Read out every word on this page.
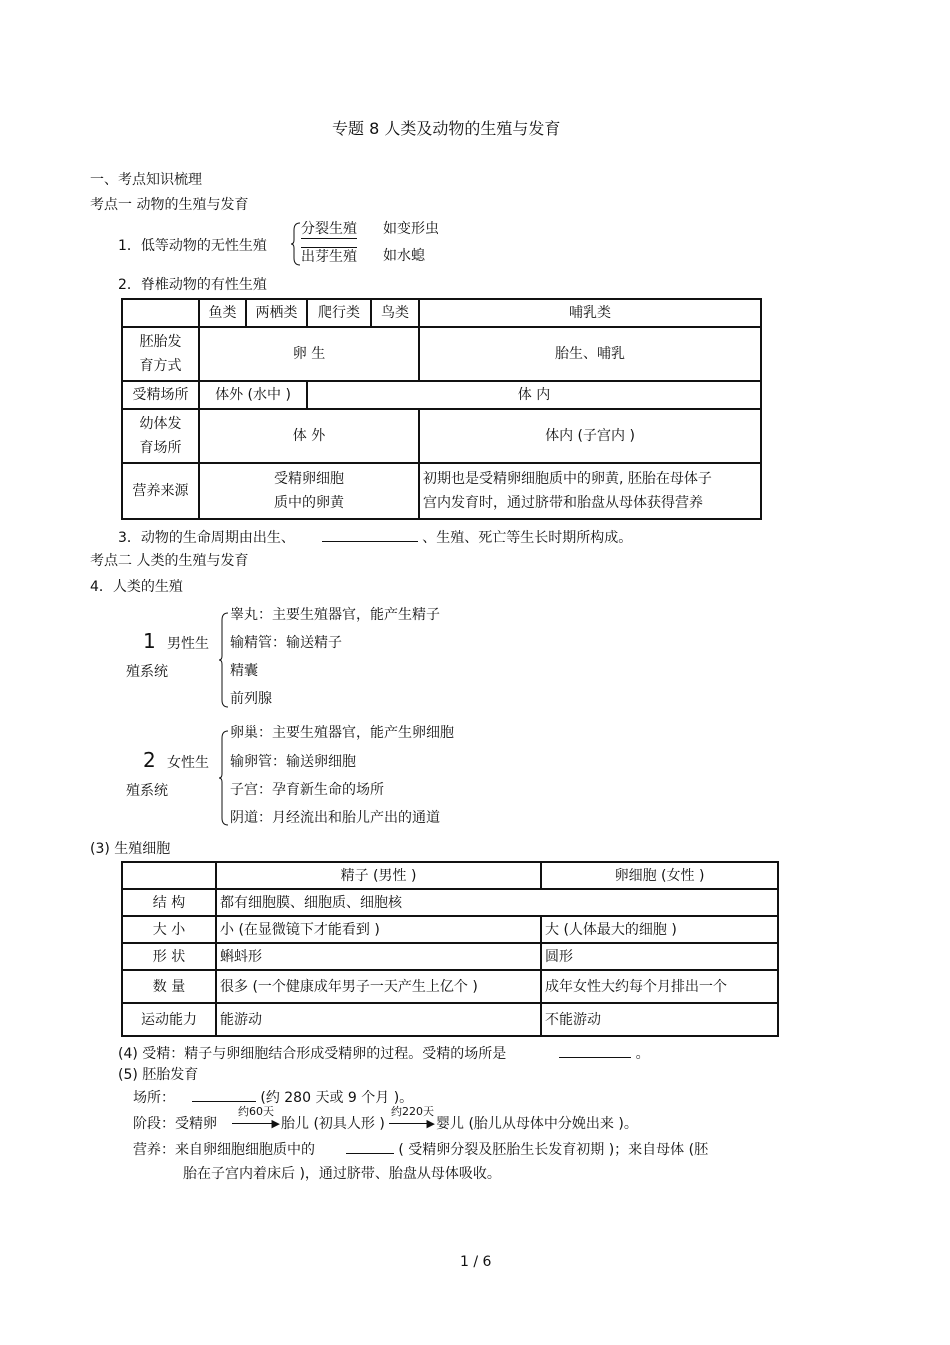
专题 8 人类及动物的生殖与发育
一、考点知识梳理
考点一 动物的生殖与发育
1．低等动物的无性生殖
分裂生殖 如变形虫
出芽生殖 如水螅
2．脊椎动物的有性生殖
	鱼类	两栖类	爬行类	鸟类	哺乳类
胚胎发
育方式	卵 生				胎生、哺乳
受精场所	体外 (水中 )		体 内		
幼体发
育场所	体 外				体内 (子宫内 )
营养来源	受精卵细胞
质中的卵黄				初期也是受精卵细胞质中的卵黄, 胚胎在母体子
宫内发育时，通过脐带和胎盘从母体获得营养
3．动物的生命周期由出生、	、生殖、死亡等生长时期所构成。
考点二 人类的生殖与发育
4．人类的生殖
1 男性生
殖系统
睾丸：主要生殖器官，能产生精子
输精管：输送精子
精囊
前列腺
2 女性生
殖系统
卵巢：主要生殖器官，能产生卵细胞
输卵管：输送卵细胞
子宫：孕育新生命的场所
阴道：月经流出和胎儿产出的通道
(3) 生殖细胞
	精子 (男性 )	卵细胞 (女性 )
结 构	都有细胞膜、细胞质、细胞核	
大 小	小 (在显微镜下才能看到 )	大 (人体最大的细胞 )
形 状	蝌蚪形	圆形
数 量	很多 (一个健康成年男子一天产生上亿个 )	成年女性大约每个月排出一个
运动能力	能游动	不能游动
(4) 受精：精子与卵细胞结合形成受精卵的过程。受精的场所是	。
(5) 胚胎发育
场所：	(约 280 天或 9 个月 )。
阶段：受精卵
约60天
▶ 胎儿 (初具人形 )
约220天
▶ 婴儿 (胎儿从母体中分娩出来 )。
营养：来自卵细胞细胞质中的	( 受精卵分裂及胚胎生长发育初期 )；来自母体 (胚
胎在子宫内着床后 )，通过脐带、胎盘从母体吸收。
1 / 6
